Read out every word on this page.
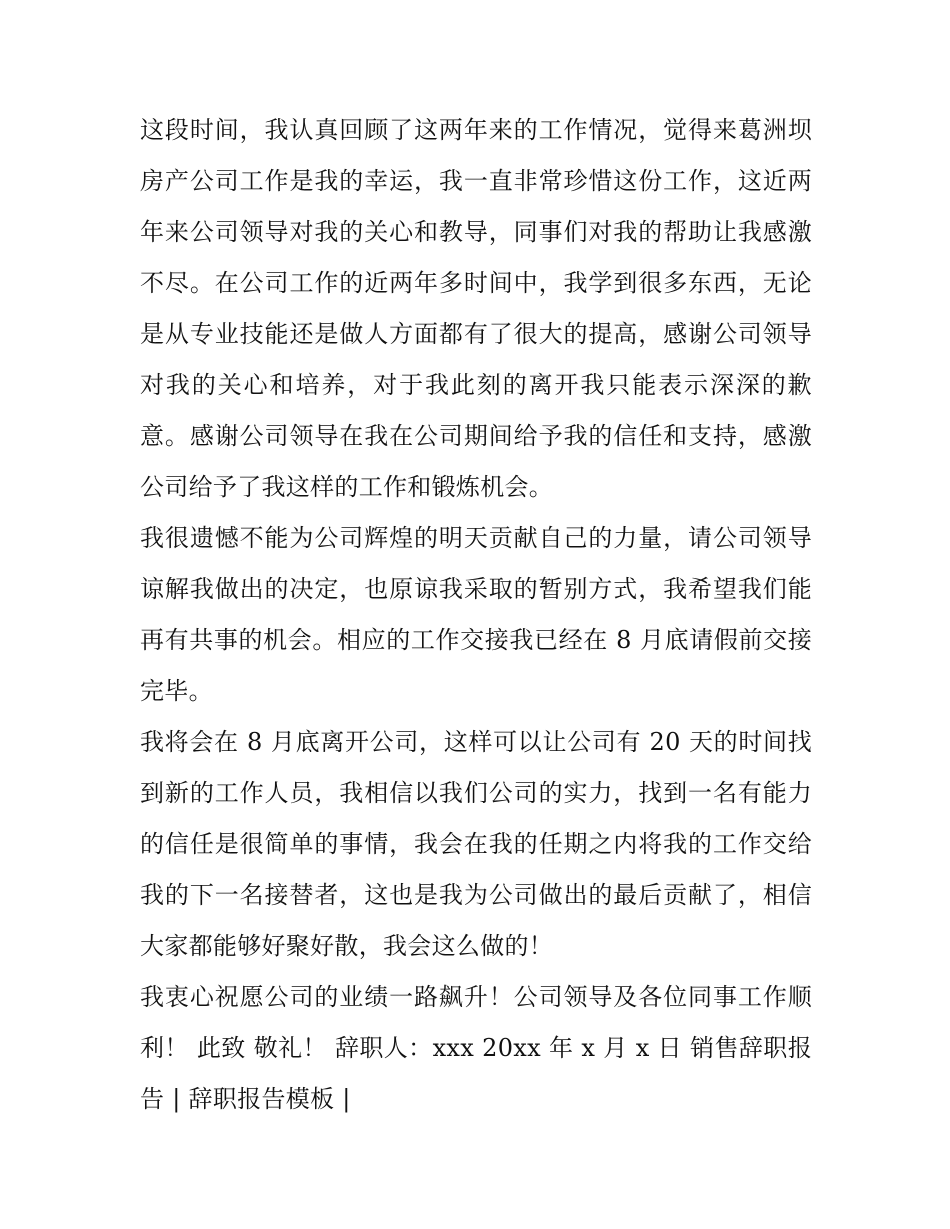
这段时间，我认真回顾了这两年来的工作情况，觉得来葛洲坝房产公司工作是我的幸运，我一直非常珍惜这份工作，这近两年来公司领导对我的关心和教导，同事们对我的帮助让我感激不尽。在公司工作的近两年多时间中，我学到很多东西，无论是从专业技能还是做人方面都有了很大的提高，感谢公司领导对我的关心和培养，对于我此刻的离开我只能表示深深的歉意。感谢公司领导在我在公司期间给予我的信任和支持，感激公司给予了我这样的工作和锻炼机会。

我很遗憾不能为公司辉煌的明天贡献自己的力量，请公司领导谅解我做出的决定，也原谅我采取的暂别方式，我希望我们能再有共事的机会。相应的工作交接我已经在 8 月底请假前交接完毕。

我将会在 8 月底离开公司，这样可以让公司有 20 天的时间找到新的工作人员，我相信以我们公司的实力，找到一名有能力的信任是很简单的事情，我会在我的任期之内将我的工作交给我的下一名接替者，这也是我为公司做出的最后贡献了，相信大家都能够好聚好散，我会这么做的！

我衷心祝愿公司的业绩一路飙升！公司领导及各位同事工作顺利！ 此致 敬礼！ 辞职人：xxx 20xx 年 x 月 x 日 销售辞职报告 | 辞职报告模板 |
